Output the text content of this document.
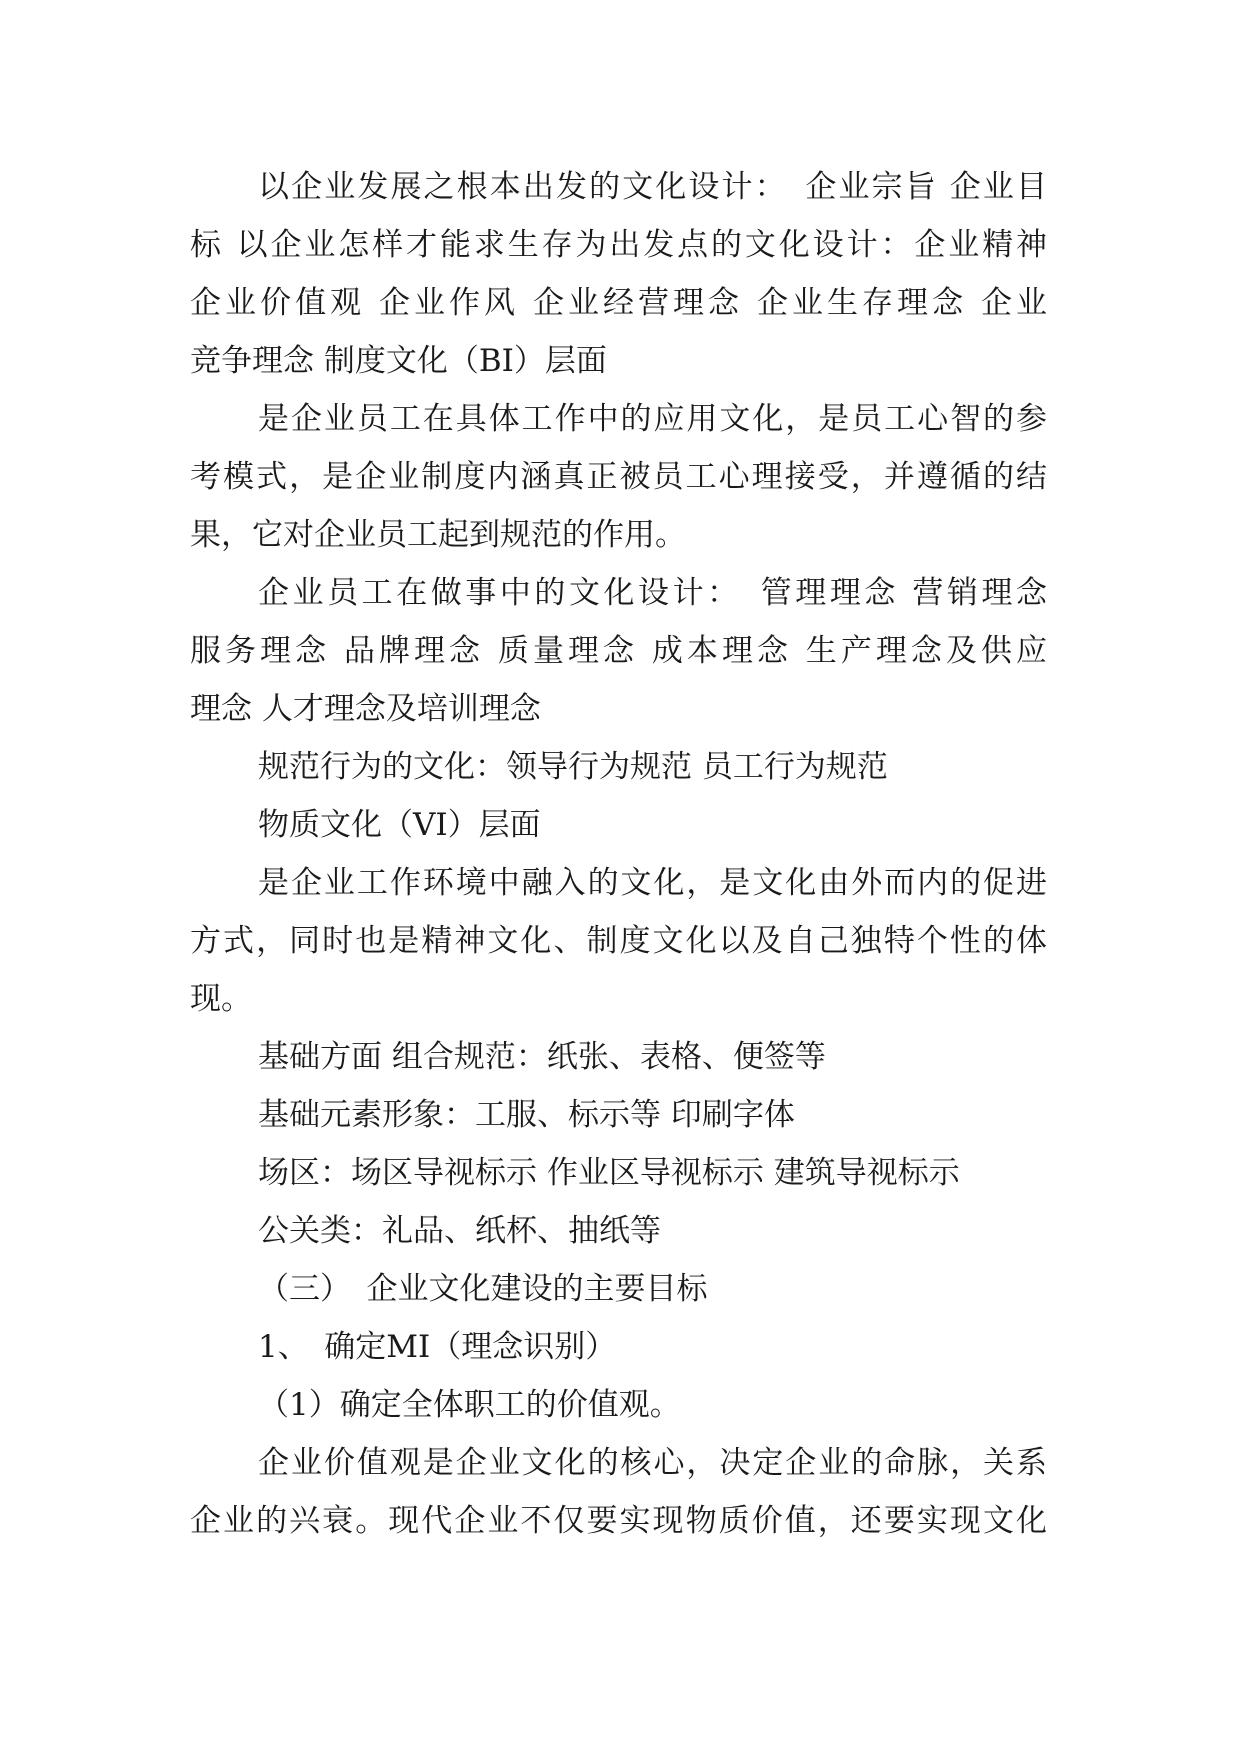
以企业发展之根本出发的文化设计：　企业宗旨 企业目
标 以企业怎样才能求生存为出发点的文化设计：企业精神
企业价值观 企业作风 企业经营理念 企业生存理念 企业
竞争理念 制度文化（BI）层面
是企业员工在具体工作中的应用文化，是员工心智的参
考模式，是企业制度内涵真正被员工心理接受，并遵循的结
果，它对企业员工起到规范的作用。
企业员工在做事中的文化设计：　管理理念 营销理念
服务理念 品牌理念 质量理念 成本理念 生产理念及供应
理念 人才理念及培训理念
规范行为的文化：领导行为规范 员工行为规范
物质文化（VI）层面
是企业工作环境中融入的文化，是文化由外而内的促进
方式，同时也是精神文化、制度文化以及自己独特个性的体
现。
基础方面 组合规范：纸张、表格、便签等
基础元素形象：工服、标示等 印刷字体
场区：场区导视标示 作业区导视标示 建筑导视标示
公关类：礼品、纸杯、抽纸等
（三）　企业文化建设的主要目标
1、　确定MI（理念识别）
（1）确定全体职工的价值观。
企业价值观是企业文化的核心，决定企业的命脉，关系
企业的兴衰。现代企业不仅要实现物质价值，还要实现文化
